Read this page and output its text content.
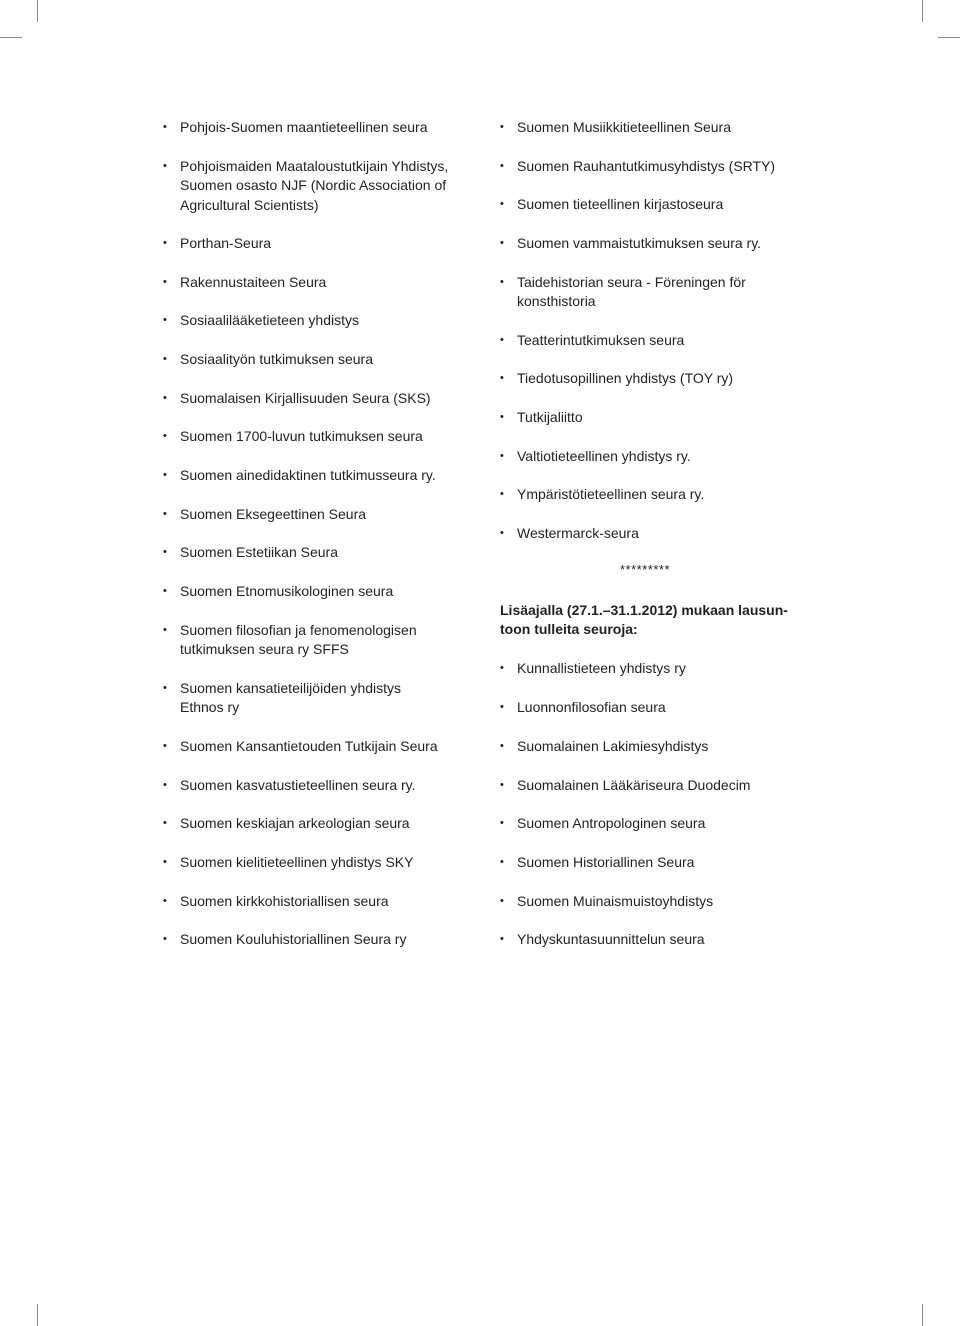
• Pohjois-Suomen maantieteellinen seura
• Pohjoismaiden Maataloustutkijain Yhdistys,
Suomen osasto NJF (Nordic Association of
Agricultural Scientists)
• Porthan-Seura
• Rakennustaiteen Seura
• Sosiaalilääketieteen yhdistys
• Sosiaalityön tutkimuksen seura
• Suomalaisen Kirjallisuuden Seura (SKS)
• Suomen 1700-luvun tutkimuksen seura
• Suomen ainedidaktinen tutkimusseura ry.
• Suomen Eksegeettinen Seura
• Suomen Estetiikan Seura
• Suomen Etnomusikologinen seura
• Suomen filosofian ja fenomenologisen
tutkimuksen seura ry SFFS
• Suomen kansatieteilijöiden yhdistys
Ethnos ry
• Suomen Kansantietouden Tutkijain Seura
• Suomen kasvatustieteellinen seura ry.
• Suomen keskiajan arkeologian seura
• Suomen kielitieteellinen yhdistys SKY
• Suomen kirkkohistoriallisen seura
• Suomen Kouluhistoriallinen Seura ry
• Suomen Musiikkitieteellinen Seura
• Suomen Rauhantutkimusyhdistys (SRTY)
• Suomen tieteellinen kirjastoseura
• Suomen vammaistutkimuksen seura ry.
• Taidehistorian seura - Föreningen för
konsthistoria
• Teatterintutkimuksen seura
• Tiedotusopillinen yhdistys (TOY ry)
• Tutkijaliitto
• Valtiotieteellinen yhdistys ry.
• Ympäristötieteellinen seura ry.
• Westermarck-seura
*********
Lisäajalla (27.1.–31.1.2012) mukaan lausun-
toon tulleita seuroja:
• Kunnallistieteen yhdistys ry
• Luonnonfilosofian seura
• Suomalainen Lakimiesyhdistys
• Suomalainen Lääkäriseura Duodecim
• Suomen Antropologinen seura
• Suomen Historiallinen Seura
• Suomen Muinaismuistoyhdistys
• Yhdyskuntasuunnittelun seura
